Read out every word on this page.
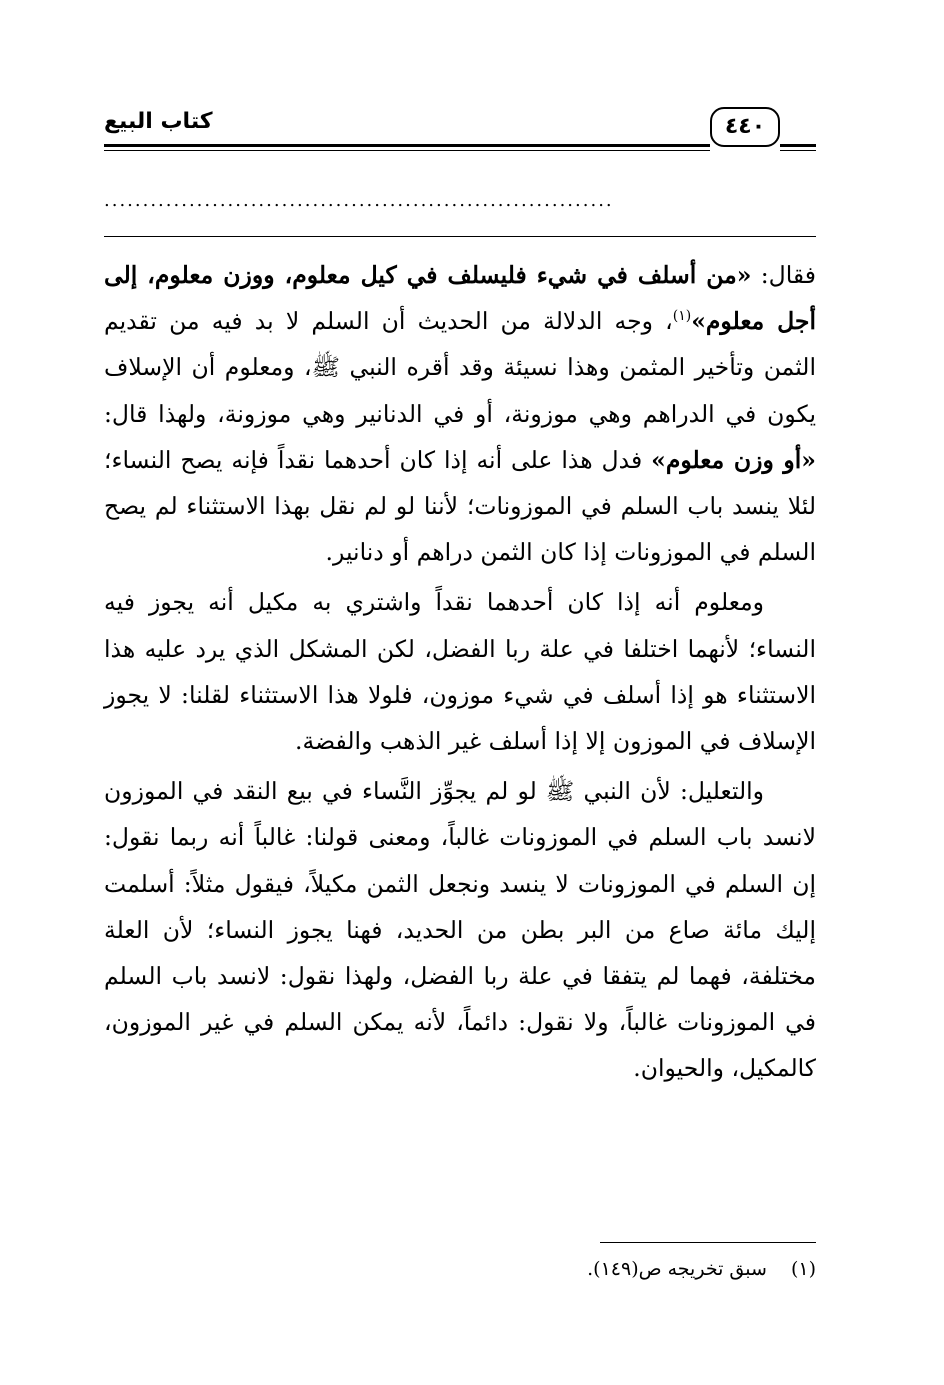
كتاب البيع	٤٤٠
..................................................................

فقال: «من أسلف في شيء فليسلف في كيل معلوم، ووزن معلوم، إلى أجل معلوم»$^{(١)}$، وجه الدلالة من الحديث أن السلم لا بد فيه من تقديم الثمن وتأخير المثمن وهذا نسيئة وقد أقره النبي ﷺ، ومعلوم أن الإسلاف يكون في الدراهم وهي موزونة، أو في الدنانير وهي موزونة، ولهذا قال: «أو وزن معلوم» فدل هذا على أنه إذا كان أحدهما نقداً فإنه يصح النساء؛ لئلا ينسد باب السلم في الموزونات؛ لأننا لو لم نقل بهذا الاستثناء لم يصح السلم في الموزونات إذا كان الثمن دراهم أو دنانير.

ومعلوم أنه إذا كان أحدهما نقداً واشتري به مكيل أنه يجوز فيه النساء؛ لأنهما اختلفا في علة ربا الفضل، لكن المشكل الذي يرد عليه هذا الاستثناء هو إذا أسلف في شيء موزون، فلولا هذا الاستثناء لقلنا: لا يجوز الإسلاف في الموزون إلا إذا أسلف غير الذهب والفضة.

والتعليل: لأن النبي ﷺ لو لم يجوِّز النَّساء في بيع النقد في الموزون لانسد باب السلم في الموزونات غالباً، ومعنى قولنا: غالباً أنه ربما نقول: إن السلم في الموزونات لا ينسد ونجعل الثمن مكيلاً، فيقول مثلاً: أسلمت إليك مائة صاع من البر بطن من الحديد، فهنا يجوز النساء؛ لأن العلة مختلفة، فهما لم يتفقا في علة ربا الفضل، ولهذا نقول: لانسد باب السلم في الموزونات غالباً، ولا نقول: دائماً، لأنه يمكن السلم في غير الموزون، كالمكيل، والحيوان.

(١)سبق تخريجه ص(١٤٩).
